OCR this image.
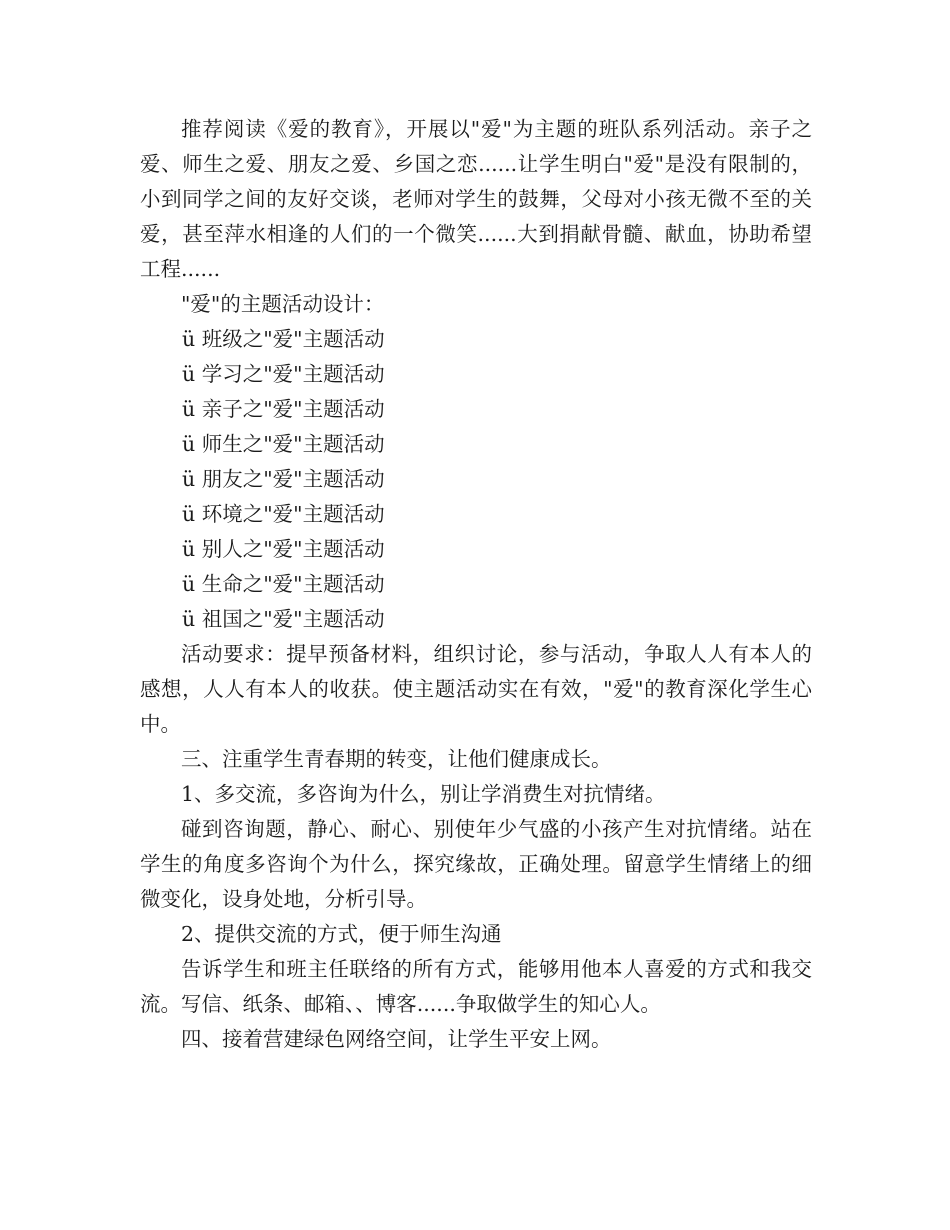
推荐阅读《爱的教育》，开展以"爱"为主题的班队系列活动。亲子之爱、师生之爱、朋友之爱、乡国之恋......让学生明白"爱"是没有限制的，小到同学之间的友好交谈，老师对学生的鼓舞，父母对小孩无微不至的关爱，甚至萍水相逢的人们的一个微笑......大到捐献骨髓、献血，协助希望工程......

"爱"的主题活动设计：

ü 班级之"爱"主题活动

ü 学习之"爱"主题活动

ü 亲子之"爱"主题活动

ü 师生之"爱"主题活动

ü 朋友之"爱"主题活动

ü 环境之"爱"主题活动

ü 别人之"爱"主题活动

ü 生命之"爱"主题活动

ü 祖国之"爱"主题活动

活动要求：提早预备材料，组织讨论，参与活动，争取人人有本人的感想，人人有本人的收获。使主题活动实在有效，"爱"的教育深化学生心中。

三、注重学生青春期的转变，让他们健康成长。

1、多交流，多咨询为什么，别让学消费生对抗情绪。

碰到咨询题，静心、耐心、别使年少气盛的小孩产生对抗情绪。站在学生的角度多咨询个为什么，探究缘故，正确处理。留意学生情绪上的细微变化，设身处地，分析引导。

2、提供交流的方式，便于师生沟通

告诉学生和班主任联络的所有方式，能够用他本人喜爱的方式和我交流。写信、纸条、邮箱、、博客......争取做学生的知心人。

四、接着营建绿色网络空间，让学生平安上网。
